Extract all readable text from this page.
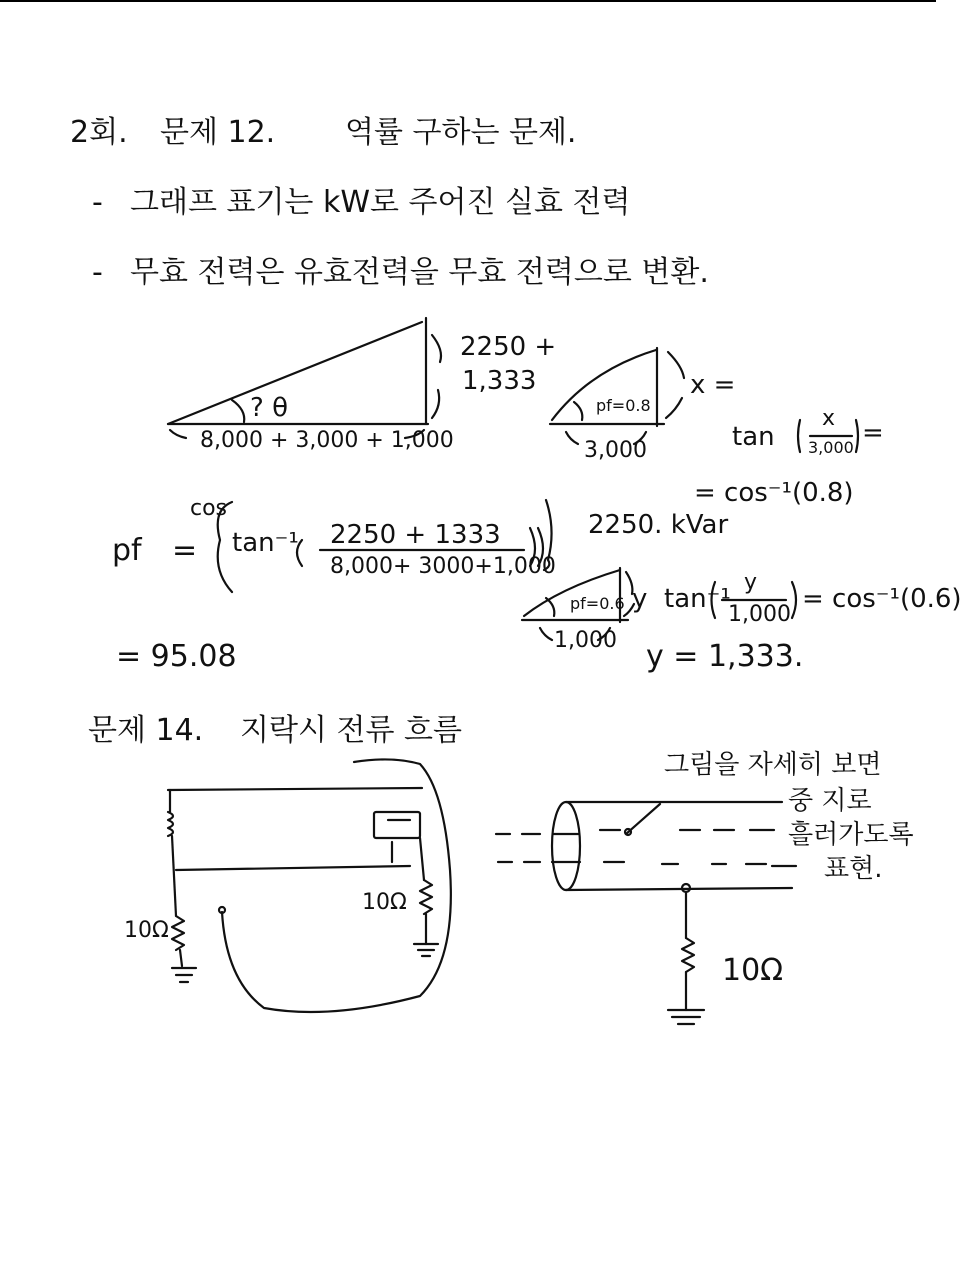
2회. 문제 12. 역률 구하는 문제.
- 그래프 표기는 kW로 주어진 실효 전력
- 무효 전력은 유효전력을 무효 전력으로 변환.
2250 +
1,333
? θ
8,000 + 3,000 + 1,000
pf=0.8
3,000
x =
tan
x
3,000 =
= cos⁻¹(0.8)
2250. kVar
pf =
cos
tan⁻¹ 2250 + 1333
8,000+ 3000+1,000
= 95.08
pf=0.6
1,000
y tan⁻¹
y
1,000
= cos⁻¹(0.6)
y = 1,333.
문제 14. 지락시 전류 흐름
10Ω
10Ω
10Ω
그림을 자세히 보면
중 지로
흘러가도록
표현.
